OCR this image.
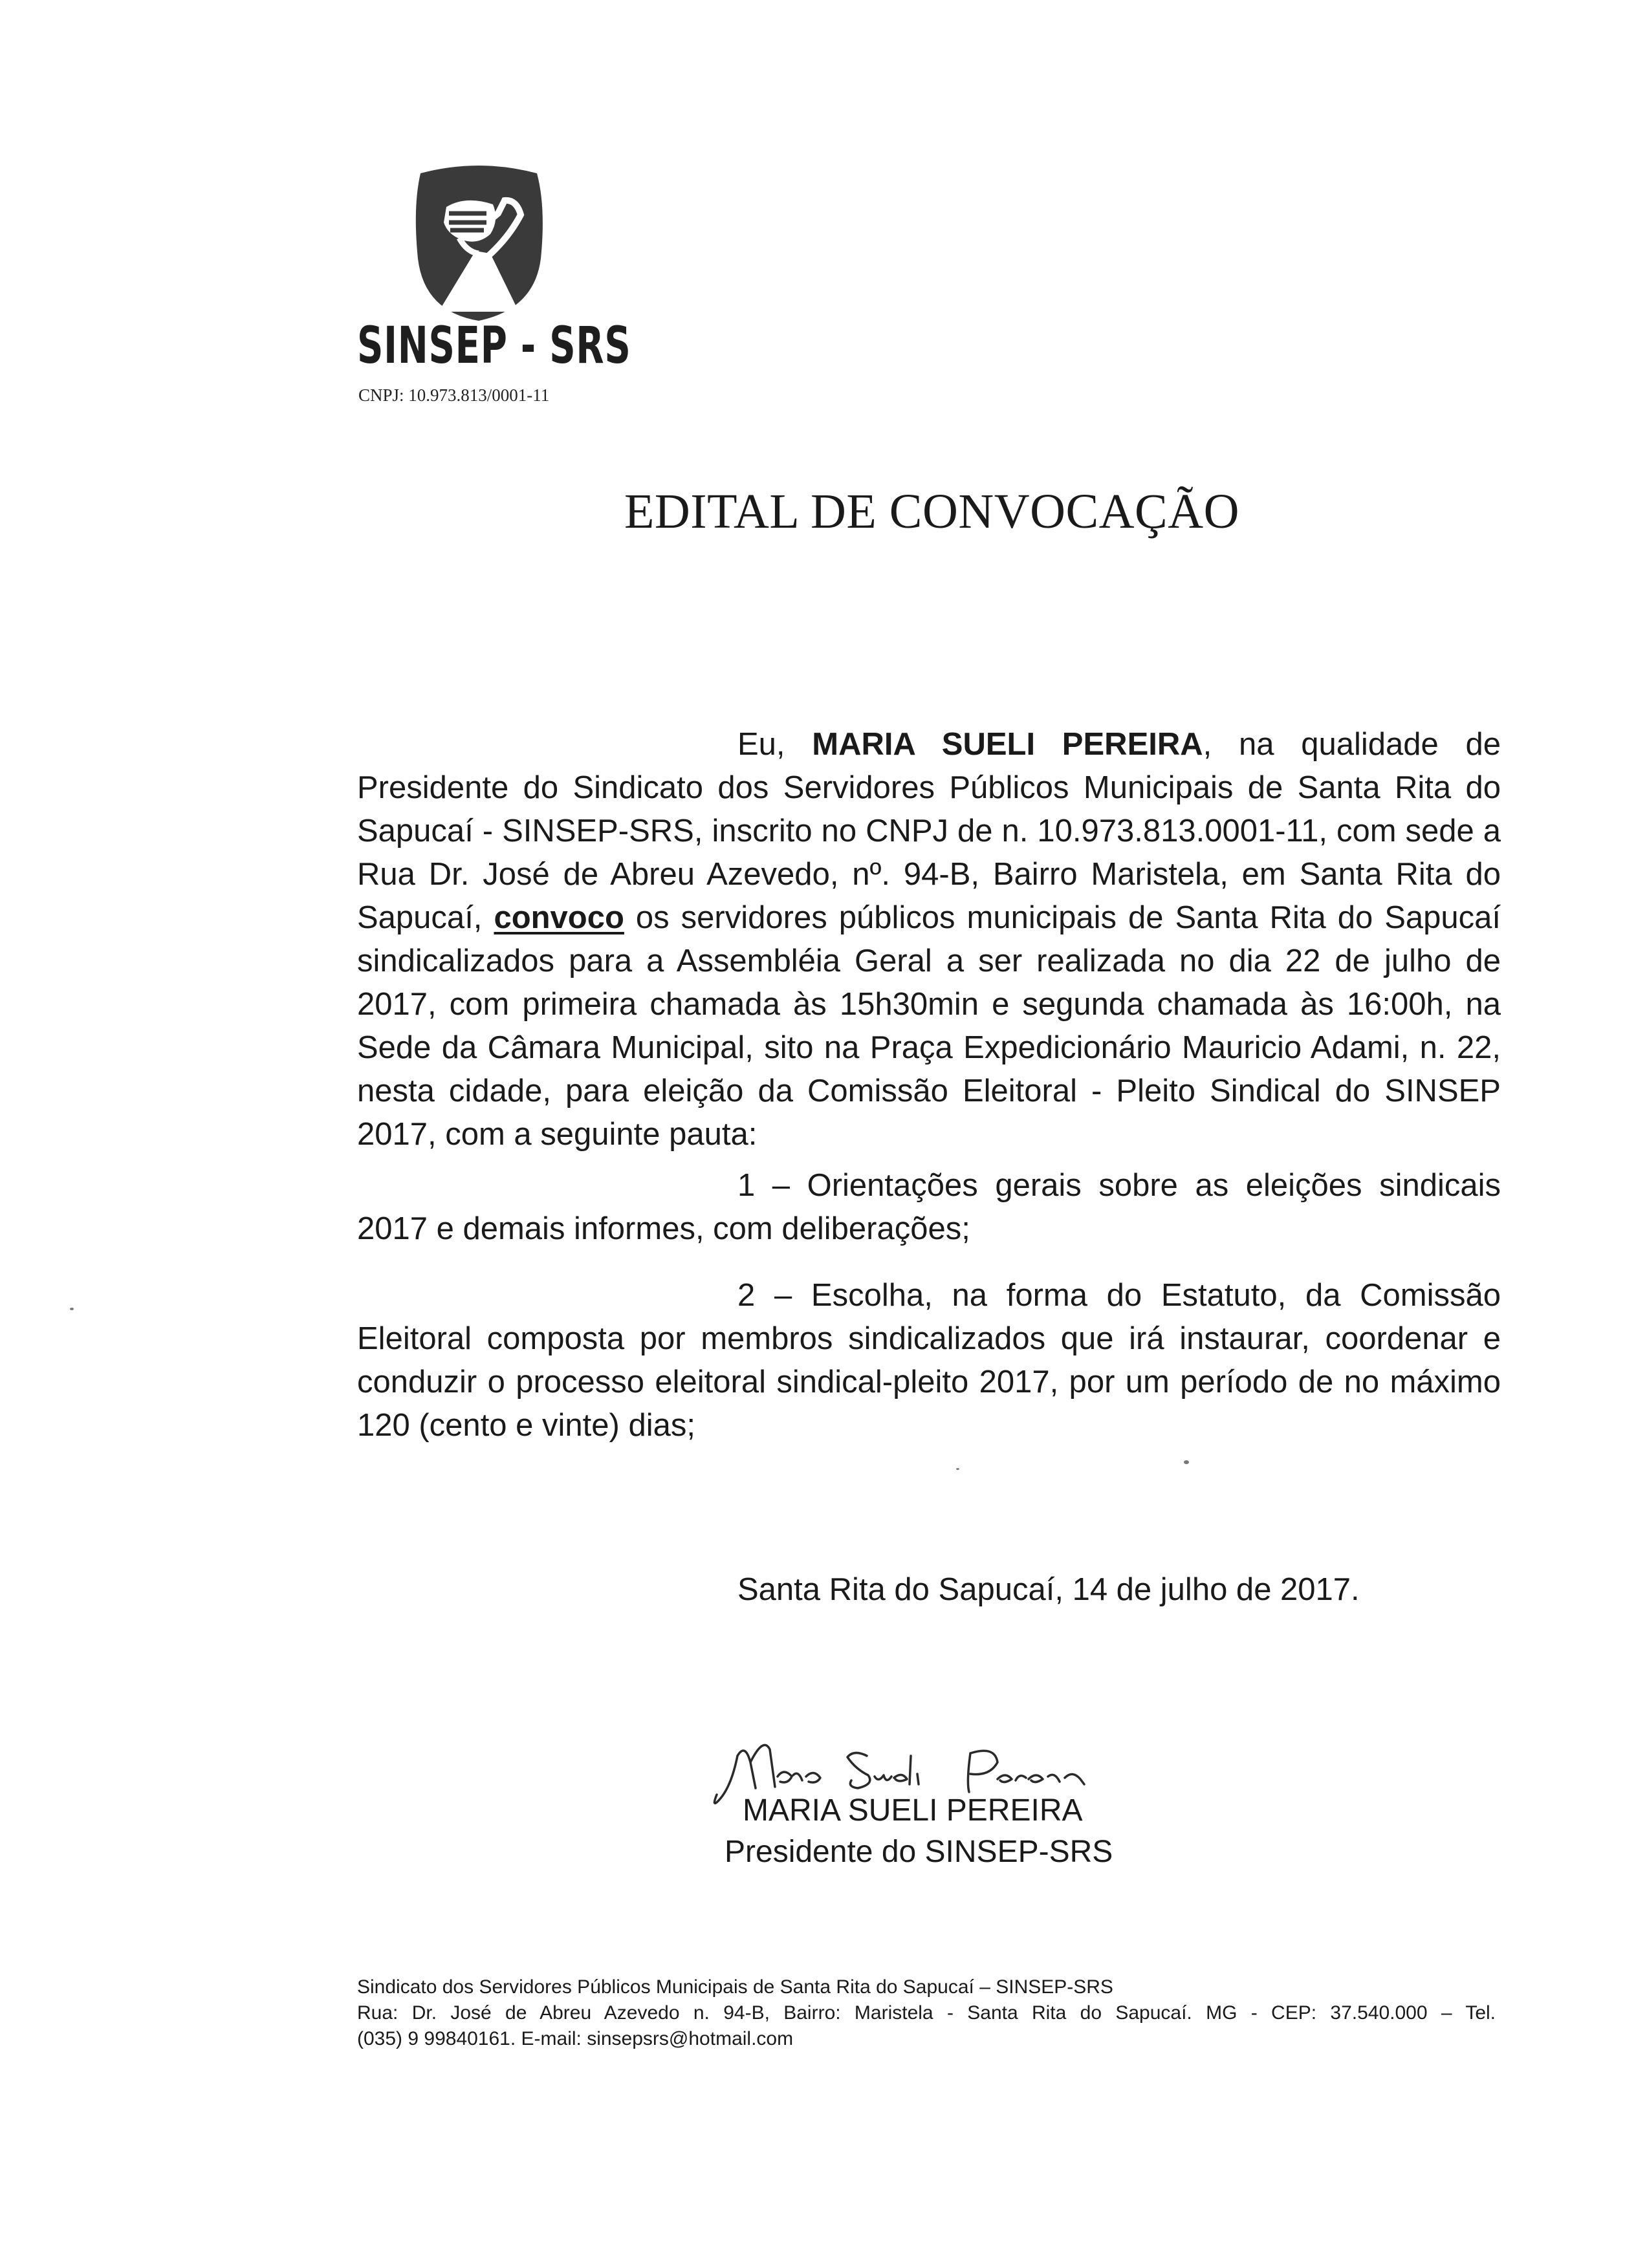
SINSEP - SRS
CNPJ: 10.973.813/0001-11
EDITAL DE CONVOCAÇÃO
Eu, MARIA SUELI PEREIRA, na qualidade de Presidente do Sindicato dos Servidores Públicos Municipais de Santa Rita do Sapucaí - SINSEP-SRS, inscrito no CNPJ de n. 10.973.813.0001-11, com sede a Rua Dr. José de Abreu Azevedo, nº. 94-B, Bairro Maristela, em Santa Rita do Sapucaí, convoco os servidores públicos municipais de Santa Rita do Sapucaí sindicalizados para a Assembléia Geral a ser realizada no dia 22 de julho de 2017, com primeira chamada às 15h30min e segunda chamada às 16:00h, na Sede da Câmara Municipal, sito na Praça Expedicionário Mauricio Adami, n. 22, nesta cidade, para eleição da Comissão Eleitoral - Pleito Sindical do SINSEP 2017, com a seguinte pauta:
1 – Orientações gerais sobre as eleições sindicais 2017 e demais informes, com deliberações;
2 – Escolha, na forma do Estatuto, da Comissão Eleitoral composta por membros sindicalizados que irá instaurar, coordenar e conduzir o processo eleitoral sindical-pleito 2017, por um período de no máximo 120 (cento e vinte) dias;
Santa Rita do Sapucaí, 14 de julho de 2017.
MARIA SUELI PEREIRA
Presidente do SINSEP-SRS
Sindicato dos Servidores Públicos Municipais de Santa Rita do Sapucaí – SINSEP-SRS
Rua: Dr. José de Abreu Azevedo n. 94-B, Bairro: Maristela - Santa Rita do Sapucaí. MG - CEP: 37.540.000 – Tel.
(035) 9 99840161. E-mail: sinsepsrs@hotmail.com
